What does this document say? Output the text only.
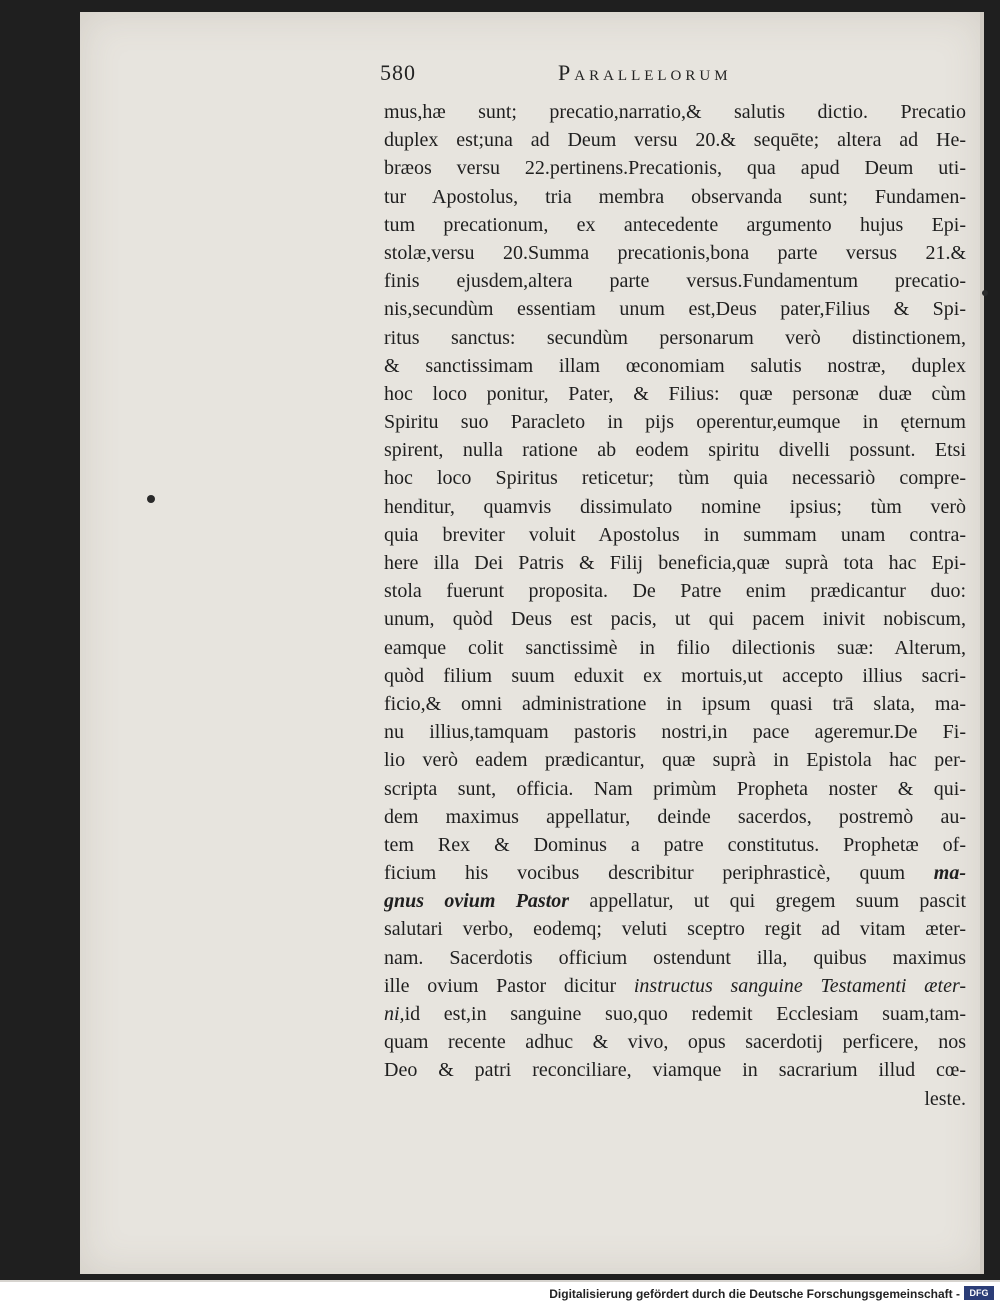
580	Parallelorum
mus,hæ sunt; precatio,narratio,& salutis dictio. Precatio
duplex est;una ad Deum versu 20.& sequēte; altera ad He-
bræos versu 22.pertinens.Precationis, qua apud Deum uti-
tur Apostolus, tria membra observanda sunt; Fundamen-
tum precationum, ex antecedente argumento hujus Epi-
stolæ,versu 20.Summa precationis,bona parte versus 21.&
finis ejusdem,altera parte versus.Fundamentum precatio-
nis,secundùm essentiam unum est,Deus pater,Filius & Spi-
ritus sanctus: secundùm personarum verò distinctionem,
& sanctissimam illam œconomiam salutis nostræ, duplex
hoc loco ponitur, Pater, & Filius: quæ personæ duæ cùm
Spiritu suo Paracleto in pijs operentur,eumque in ęternum
spirent, nulla ratione ab eodem spiritu divelli possunt. Etsi
hoc loco Spiritus reticetur; tùm quia necessariò compre-
henditur, quamvis dissimulato nomine ipsius; tùm verò
quia breviter voluit Apostolus in summam unam contra-
here illa Dei Patris & Filij beneficia,quæ suprà tota hac Epi-
stola fuerunt proposita. De Patre enim prædicantur duo:
unum, quòd Deus est pacis, ut qui pacem inivit nobiscum,
eamque colit sanctissimè in filio dilectionis suæ: Alterum,
quòd filium suum eduxit ex mortuis,ut accepto illius sacri-
ficio,& omni administratione in ipsum quasi trā slata, ma-
nu illius,tamquam pastoris nostri,in pace ageremur.De Fi-
lio verò eadem prædicantur, quæ suprà in Epistola hac per-
scripta sunt, officia. Nam primùm Propheta noster & qui-
dem maximus appellatur, deinde sacerdos, postremò au-
tem Rex & Dominus a patre constitutus. Prophetæ of-
ficium his vocibus describitur periphrasticè, quum ma-
gnus ovium Pastor appellatur, ut qui gregem suum pascit
salutari verbo, eodemq; veluti sceptro regit ad vitam æter-
nam. Sacerdotis officium ostendunt illa, quibus maximus
ille ovium Pastor dicitur instructus sanguine Testamenti æter-
ni,id est,in sanguine suo,quo redemit Ecclesiam suam,tam-
quam recente adhuc & vivo, opus sacerdotij perficere, nos
Deo & patri reconciliare, viamque in sacrarium illud cœ-
leste.
Digitalisierung gefördert durch die Deutsche Forschungsgemeinschaft -	DFG
